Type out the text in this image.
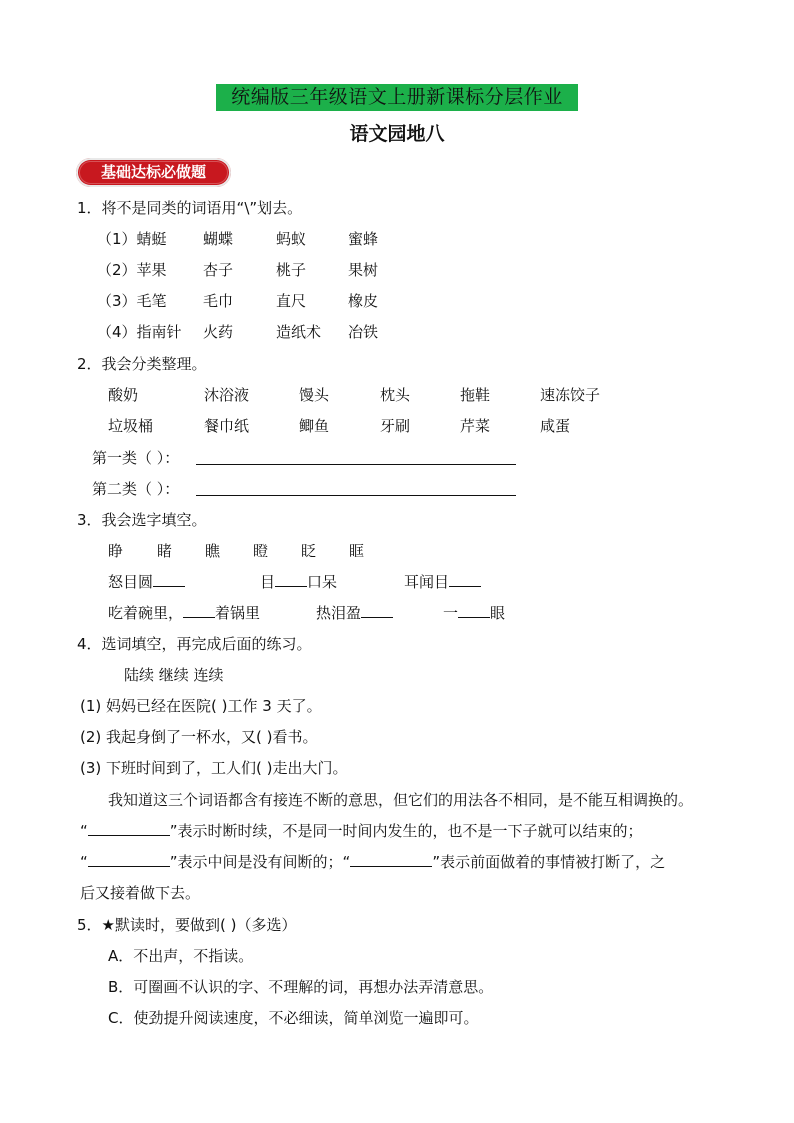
统编版三年级语文上册新课标分层作业
语文园地八
基础达标必做题
1．将不是同类的词语用“\”划去。
（1）蜻蜓 蝴蝶	蚂蚁	蜜蜂
（2）苹果 杏子	桃子	果树
（3）毛笔 毛巾	直尺	橡皮
（4）指南针 火药	造纸术 冶铁
2．我会分类整理。
酸奶	沐浴液	馒头	枕头	拖鞋	速冻饺子
垃圾桶	餐巾纸	鲫鱼	牙刷	芹菜	咸蛋
第一类（ ）：
第二类（ ）：
3．我会选字填空。
睁 睹 瞧 瞪 眨 眶
怒目圆	目 口呆	耳闻目
吃着碗里， 着锅里	热泪盈	一 眼
4．选词填空，再完成后面的练习。
陆续 继续 连续
(1) 妈妈已经在医院( )工作 3 天了。
(2) 我起身倒了一杯水，又( )看书。
(3) 下班时间到了，工人们( )走出大门。
我知道这三个词语都含有接连不断的意思，但它们的用法各不相同，是不能互相调换的。
“	”表示时断时续，不是同一时间内发生的，也不是一下子就可以结束的；
“	”表示中间是没有间断的；“	”表示前面做着的事情被打断了，之
后又接着做下去。
5．★默读时，要做到( )（多选）
A．不出声，不指读。
B．可圈画不认识的字、不理解的词，再想办法弄清意思。
C．使劲提升阅读速度，不必细读，简单浏览一遍即可。
